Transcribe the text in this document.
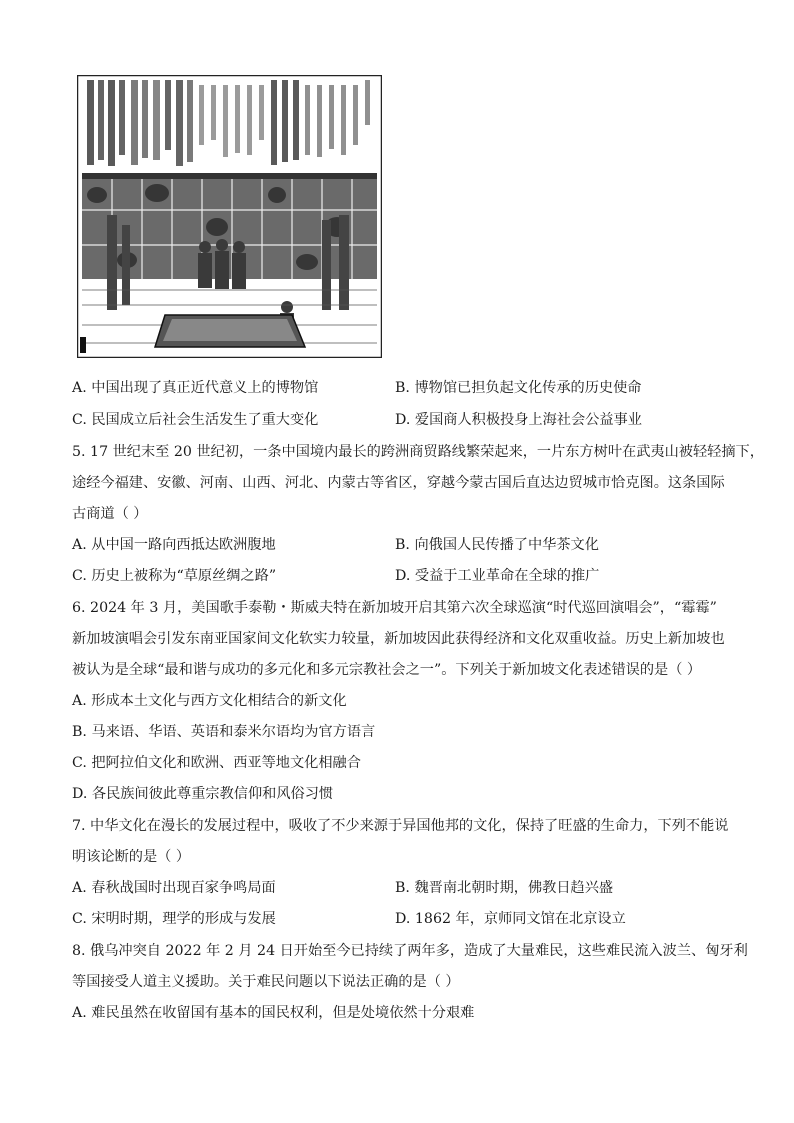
A. 中国出现了真正近代意义上的博物馆	B. 博物馆已担负起文化传承的历史使命
C. 民国成立后社会生活发生了重大变化	D. 爱国商人积极投身上海社会公益事业
5. 17 世纪末至 20 世纪初，一条中国境内最长的跨洲商贸路线繁荣起来，一片东方树叶在武夷山被轻轻摘下，
途经今福建、安徽、河南、山西、河北、内蒙古等省区，穿越今蒙古国后直达边贸城市恰克图。这条国际
古商道（ ）
A. 从中国一路向西抵达欧洲腹地	B. 向俄国人民传播了中华茶文化
C. 历史上被称为“草原丝绸之路”	D. 受益于工业革命在全球的推广
6. 2024 年 3 月，美国歌手泰勒・斯威夫特在新加坡开启其第六次全球巡演“时代巡回演唱会”，“霉霉”
新加坡演唱会引发东南亚国家间文化软实力较量，新加坡因此获得经济和文化双重收益。历史上新加坡也
被认为是全球“最和谐与成功的多元化和多元宗教社会之一”。下列关于新加坡文化表述错误的是（ ）
A. 形成本土文化与西方文化相结合的新文化
B. 马来语、华语、英语和泰米尔语均为官方语言
C. 把阿拉伯文化和欧洲、西亚等地文化相融合
D. 各民族间彼此尊重宗教信仰和风俗习惯
7. 中华文化在漫长的发展过程中，吸收了不少来源于异国他邦的文化，保持了旺盛的生命力，下列不能说
明该论断的是（ ）
A. 春秋战国时出现百家争鸣局面	B. 魏晋南北朝时期，佛教日趋兴盛
C. 宋明时期，理学的形成与发展	D. 1862 年，京师同文馆在北京设立
8. 俄乌冲突自 2022 年 2 月 24 日开始至今已持续了两年多，造成了大量难民，这些难民流入波兰、匈牙利
等国接受人道主义援助。关于难民问题以下说法正确的是（ ）
A. 难民虽然在收留国有基本的国民权利，但是处境依然十分艰难
